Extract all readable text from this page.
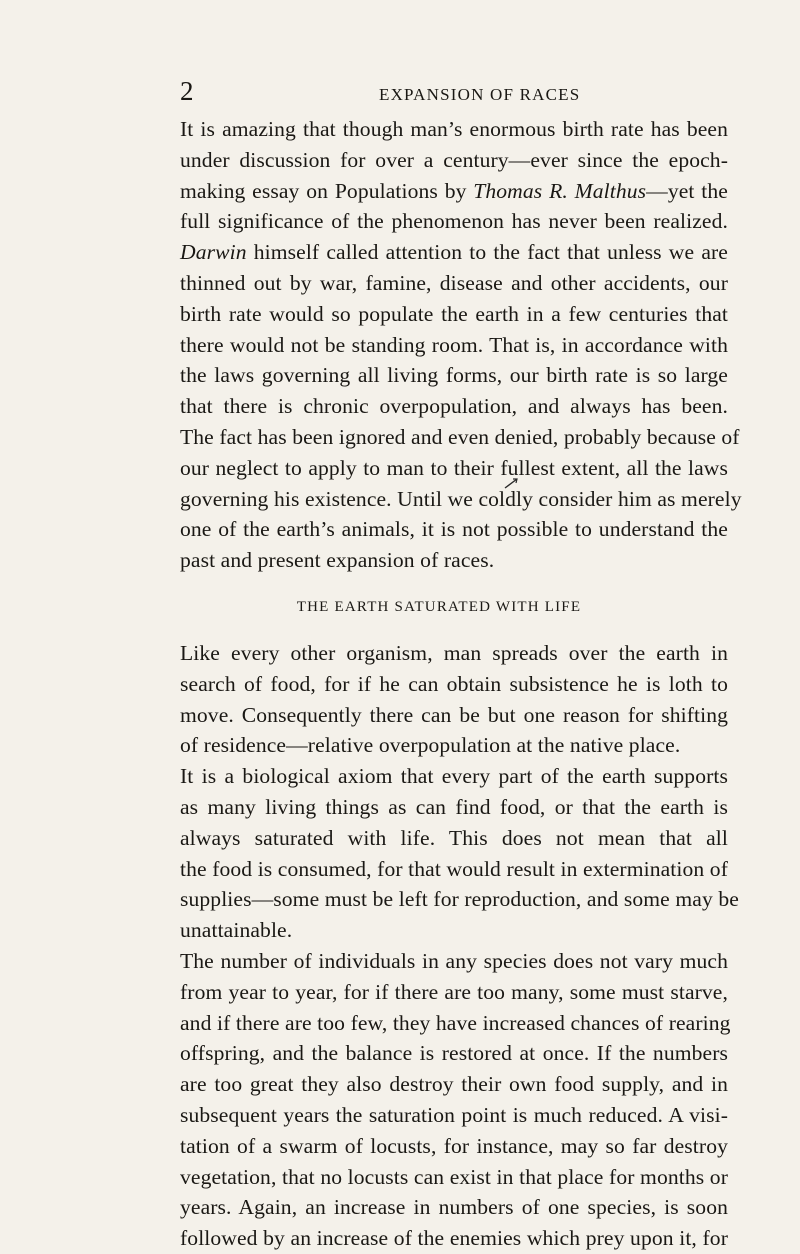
2	EXPANSION OF RACES
It is amazing that though man’s enormous birth rate has been
under discussion for over a century—ever since the epoch-
making essay on Populations by Thomas R. Malthus—yet the
full significance of the phenomenon has never been realized.
Darwin himself called attention to the fact that unless we are
thinned out by war, famine, disease and other accidents, our
birth rate would so populate the earth in a few centuries that
there would not be standing room. That is, in accordance with
the laws governing all living forms, our birth rate is so large
that there is chronic overpopulation, and always has been.
The fact has been ignored and even denied, probably because of
our neglect to apply to man to their fullest extent, all the laws
governing his existence. Until we coldly consider him as merely
one of the earth’s animals, it is not possible to understand the
past and present expansion of races.
THE EARTH SATURATED WITH LIFE
Like every other organism, man spreads over the earth in
search of food, for if he can obtain subsistence he is loth to
move. Consequently there can be but one reason for shifting
of residence—relative overpopulation at the native place.
It is a biological axiom that every part of the earth supports
as many living things as can find food, or that the earth is
always saturated with life. This does not mean that all
the food is consumed, for that would result in extermination of
supplies—some must be left for reproduction, and some may be
unattainable.
The number of individuals in any species does not vary much
from year to year, for if there are too many, some must starve,
and if there are too few, they have increased chances of rearing
offspring, and the balance is restored at once. If the numbers
are too great they also destroy their own food supply, and in
subsequent years the saturation point is much reduced. A visi-
tation of a swarm of locusts, for instance, may so far destroy
vegetation, that no locusts can exist in that place for months or
years. Again, an increase in numbers of one species, is soon
followed by an increase of the enemies which prey upon it, for
